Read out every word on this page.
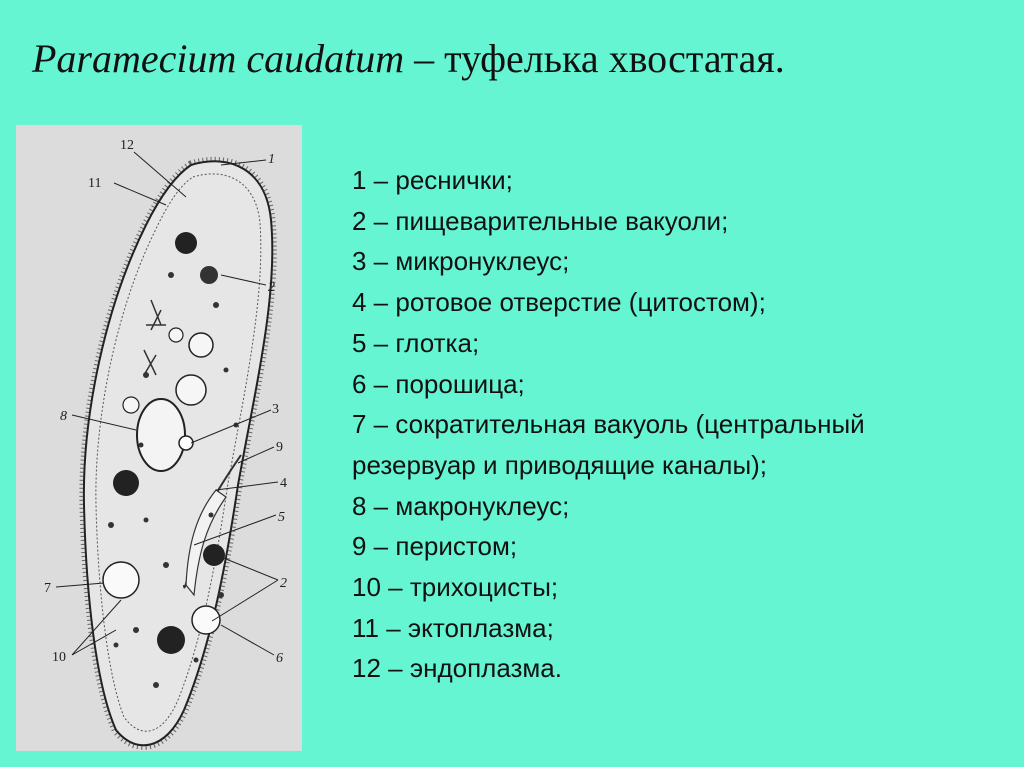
Paramecium caudatum – туфелька хвостатая.
12
1
11
2
8	3
9
4
5
7	2
10	6
1 – реснички;
2 – пищеварительные вакуоли;
3 – микронуклеус;
4 – ротовое отверстие (цитостом);
5 – глотка;
6 – порошица;
7 – сократительная вакуоль (центральный
резервуар и приводящие каналы);
8 – макронуклеус;
9 – перистом;
10 – трихоцисты;
11 – эктоплазма;
12 – эндоплазма.
